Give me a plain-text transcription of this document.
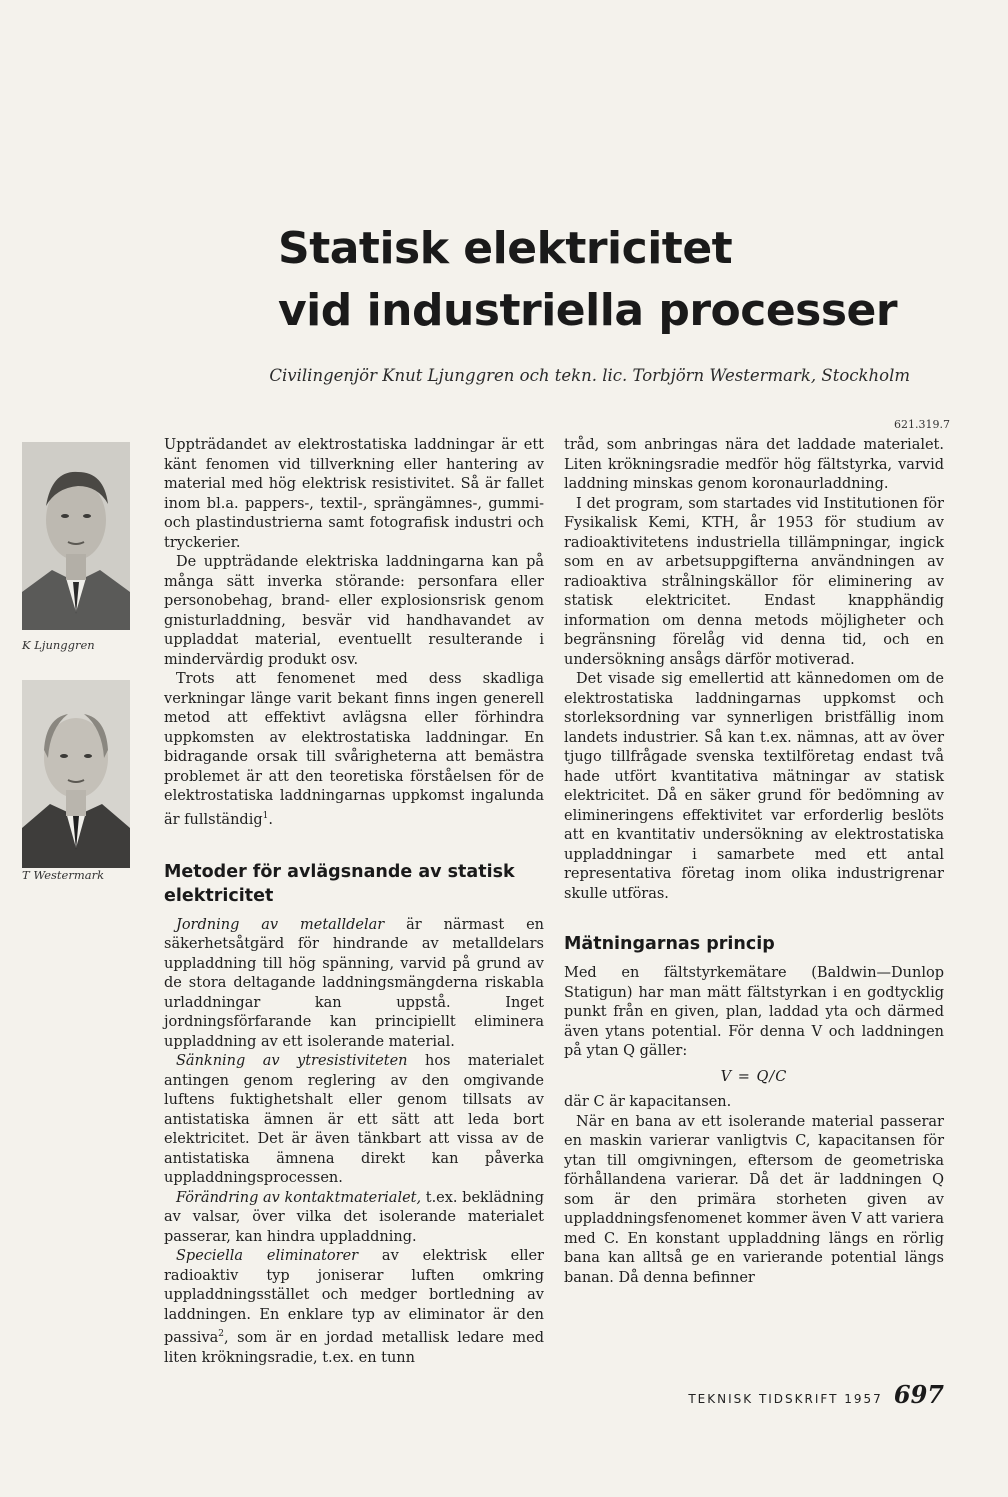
Statisk elektricitet
vid industriella processer
Civilingenjör Knut Ljunggren och tekn. lic. Torbjörn Westermark, Stockholm
621.319.7
K Ljunggren
T Westermark

Uppträdandet av elektrostatiska laddningar är ett känt fenomen vid tillverkning eller hantering av material med hög elektrisk resistivitet. Så är fallet inom bl.a. pappers-, textil-, sprängämnes-, gummi- och plastindustrierna samt fotografisk industri och tryckerier.

De uppträdande elektriska laddningarna kan på många sätt inverka störande: personfara eller personobehag, brand- eller explosionsrisk genom gnisturladdning, besvär vid handhavandet av uppladdat material, eventuellt resulterande i mindervärdig produkt osv.

Trots att fenomenet med dess skadliga verkningar länge varit bekant finns ingen generell metod att effektivt avlägsna eller förhindra uppkomsten av elektrostatiska laddningar. En bidragande orsak till svårigheterna att bemästra problemet är att den teoretiska förståelsen för de elektrostatiska laddningarnas uppkomst ingalunda är fullständig$^1$.

Metoder för avlägsnande av statisk elektricitet

Jordning av metalldelar är närmast en säkerhetsåtgärd för hindrande av metalldelars uppladdning till hög spänning, varvid på grund av de stora deltagande laddningsmängderna riskabla urladdningar kan uppstå. Inget jordningsförfarande kan principiellt eliminera uppladdning av ett isolerande material.

Sänkning av ytresistiviteten hos materialet antingen genom reglering av den omgivande luftens fuktighetshalt eller genom tillsats av antistatiska ämnen är ett sätt att leda bort elektricitet. Det är även tänkbart att vissa av de antistatiska ämnena direkt kan påverka uppladdningsprocessen.

Förändring av kontaktmaterialet, t.ex. beklädning av valsar, över vilka det isolerande materialet passerar, kan hindra uppladdning.

Speciella eliminatorer av elektrisk eller radioaktiv typ joniserar luften omkring uppladdningsstället och medger bortledning av laddningen. En enklare typ av eliminator är den passiva$^2$, som är en jordad metallisk ledare med liten krökningsradie, t.ex. en tunn

tråd, som anbringas nära det laddade materialet. Liten krökningsradie medför hög fältstyrka, varvid laddning minskas genom koronaurladdning.

I det program, som startades vid Institutionen för Fysikalisk Kemi, KTH, år 1953 för studium av radioaktivitetens industriella tillämpningar, ingick som en av arbetsuppgifterna användningen av radioaktiva strålningskällor för eliminering av statisk elektricitet. Endast knapphändig information om denna metods möjligheter och begränsning förelåg vid denna tid, och en undersökning ansågs därför motiverad.

Det visade sig emellertid att kännedomen om de elektrostatiska laddningarnas uppkomst och storleksordning var synnerligen bristfällig inom landets industrier. Så kan t.ex. nämnas, att av över tjugo tillfrågade svenska textilföretag endast två hade utfört kvantitativa mätningar av statisk elektricitet. Då en säker grund för bedömning av elimineringens effektivitet var erforderlig beslöts att en kvantitativ undersökning av elektrostatiska uppladdningar i samarbete med ett antal representativa företag inom olika industrigrenar skulle utföras.

Mätningarnas princip

Med en fältstyrkemätare (Baldwin—Dunlop Statigun) har man mätt fältstyrkan i en godtycklig punkt från en given, plan, laddad yta och därmed även ytans potential. För denna V och laddningen på ytan Q gäller:

V = Q/C

där C är kapacitansen.

När en bana av ett isolerande material passerar en maskin varierar vanligtvis C, kapacitansen för ytan till omgivningen, eftersom de geometriska förhållandena varierar. Då det är laddningen Q som är den primära storheten given av uppladdningsfenomenet kommer även V att variera med C. En konstant uppladdning längs en rörlig bana kan alltså ge en varierande potential längs banan. Då denna befinner

TEKNISK TIDSKRIFT 1957 697
